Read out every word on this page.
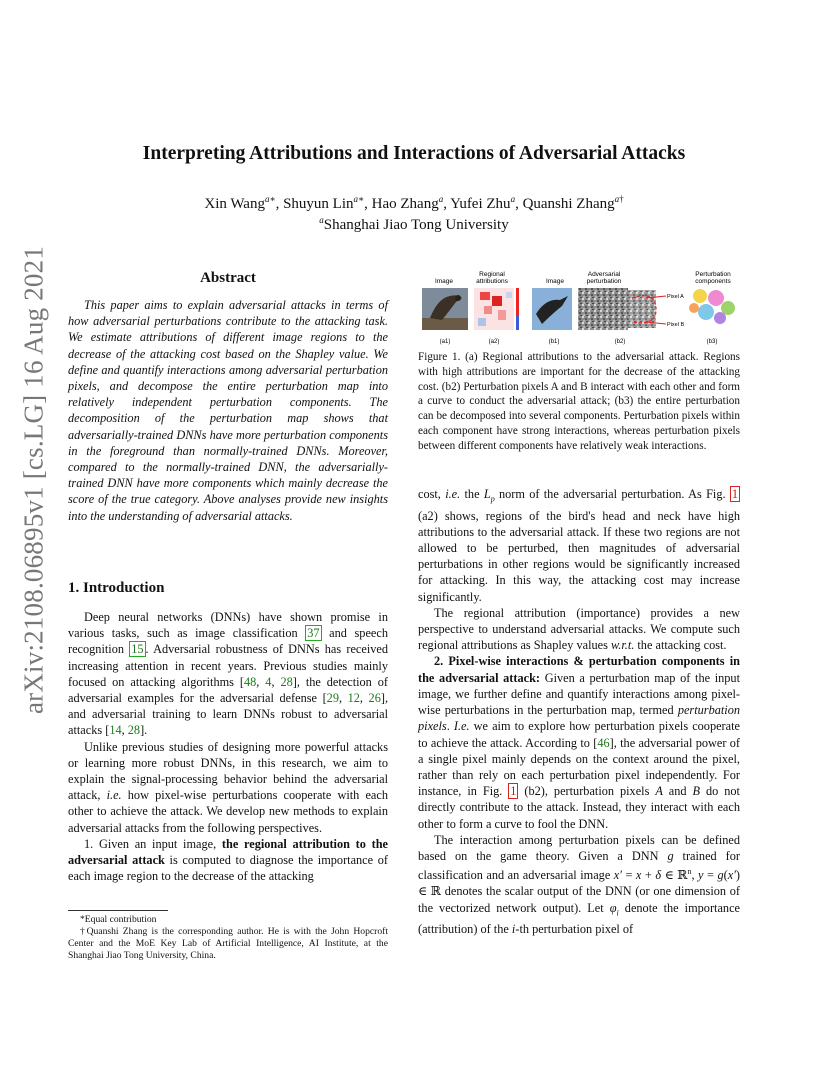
arXiv:2108.06895v1 [cs.LG] 16 Aug 2021
Interpreting Attributions and Interactions of Adversarial Attacks
Xin Wang$^{a∗}$, Shuyun Lin$^{a∗}$, Hao Zhang$^a$, Yufei Zhu$^a$, Quanshi Zhang$^{a\dagger}$
$^a$Shanghai Jiao Tong University
Abstract

This paper aims to explain adversarial attacks in terms of how adversarial perturbations contribute to the attacking task. We estimate attributions of different image regions to the decrease of the attacking cost based on the Shapley value. We define and quantify interactions among adversarial perturbation pixels, and decompose the entire perturbation map into relatively independent perturbation components. The decomposition of the perturbation map shows that adversarially-trained DNNs have more perturbation components in the foreground than normally-trained DNNs. Moreover, compared to the normally-trained DNN, the adversarially-trained DNN have more components which mainly decrease the score of the true category. Above analyses provide new insights into the understanding of adversarial attacks.

1. Introduction

Deep neural networks (DNNs) have shown promise in various tasks, such as image classification 37 and speech recognition 15 . Adversarial robustness of DNNs has received increasing attention in recent years. Previous studies mainly focused on attacking algorithms [48, 4, 28], the detection of adversarial examples for the adversarial defense [29, 12, 26], and adversarial training to learn DNNs robust to adversarial attacks [14, 28].

Unlike previous studies of designing more powerful attacks or learning more robust DNNs, in this research, we aim to explain the signal-processing behavior behind the adversarial attack, i.e. how pixel-wise perturbations cooperate with each other to achieve the attack. We develop new methods to explain adversarial attacks from the following perspectives.

1. Given an input image, the regional attribution to the adversarial attack is computed to diagnose the importance of each image region to the decrease of the attacking

*Equal contribution

†Quanshi Zhang is the corresponding author. He is with the John Hopcroft Center and the MoE Key Lab of Artificial Intelligence, AI Institute, at the Shanghai Jiao Tong University, China.

Image
Regional attributions	Image
Adversarial perturbation
Perturbation components
Pixel A
Pixel B
(a1)	(a2)	(b1)	(b2)	(b3)
Figure 1. (a) Regional attributions to the adversarial attack. Regions with high attributions are important for the decrease of the attacking cost. (b2) Perturbation pixels A and B interact with each other and form a curve to conduct the adversarial attack; (b3) the entire perturbation can be decomposed into several components. Perturbation pixels within each component have strong interactions, whereas perturbation pixels between different components have relatively weak interactions.

cost, i.e. the $L_p$ norm of the adversarial perturbation. As Fig. 1 (a2) shows, regions of the bird's head and neck have high attributions to the adversarial attack. If these two regions are not allowed to be perturbed, then magnitudes of adversarial perturbations in other regions would be significantly increased for attacking. In this way, the attacking cost may increase significantly.

The regional attribution (importance) provides a new perspective to understand adversarial attacks. We compute such regional attributions as Shapley values w.r.t. the attacking cost.

2. Pixel-wise interactions & perturbation components in the adversarial attack: Given a perturbation map of the input image, we further define and quantify interactions among pixel-wise perturbations in the perturbation map, termed perturbation pixels. I.e. we aim to explore how perturbation pixels cooperate to achieve the attack. According to [46], the adversarial power of a single pixel mainly depends on the context around the pixel, rather than rely on each perturbation pixel independently. For instance, in Fig. 1 (b2), perturbation pixels A and B do not directly contribute to the attack. Instead, they interact with each other to form a curve to fool the DNN.

The interaction among perturbation pixels can be defined based on the game theory. Given a DNN g trained for classification and an adversarial image x′ = x + δ ∈ ℝ$^n$, y = g(x′) ∈ ℝ denotes the scalar output of the DNN (or one dimension of the vectorized network output). Let $\varphi_i$ denote the importance (attribution) of the i-th perturbation pixel of
